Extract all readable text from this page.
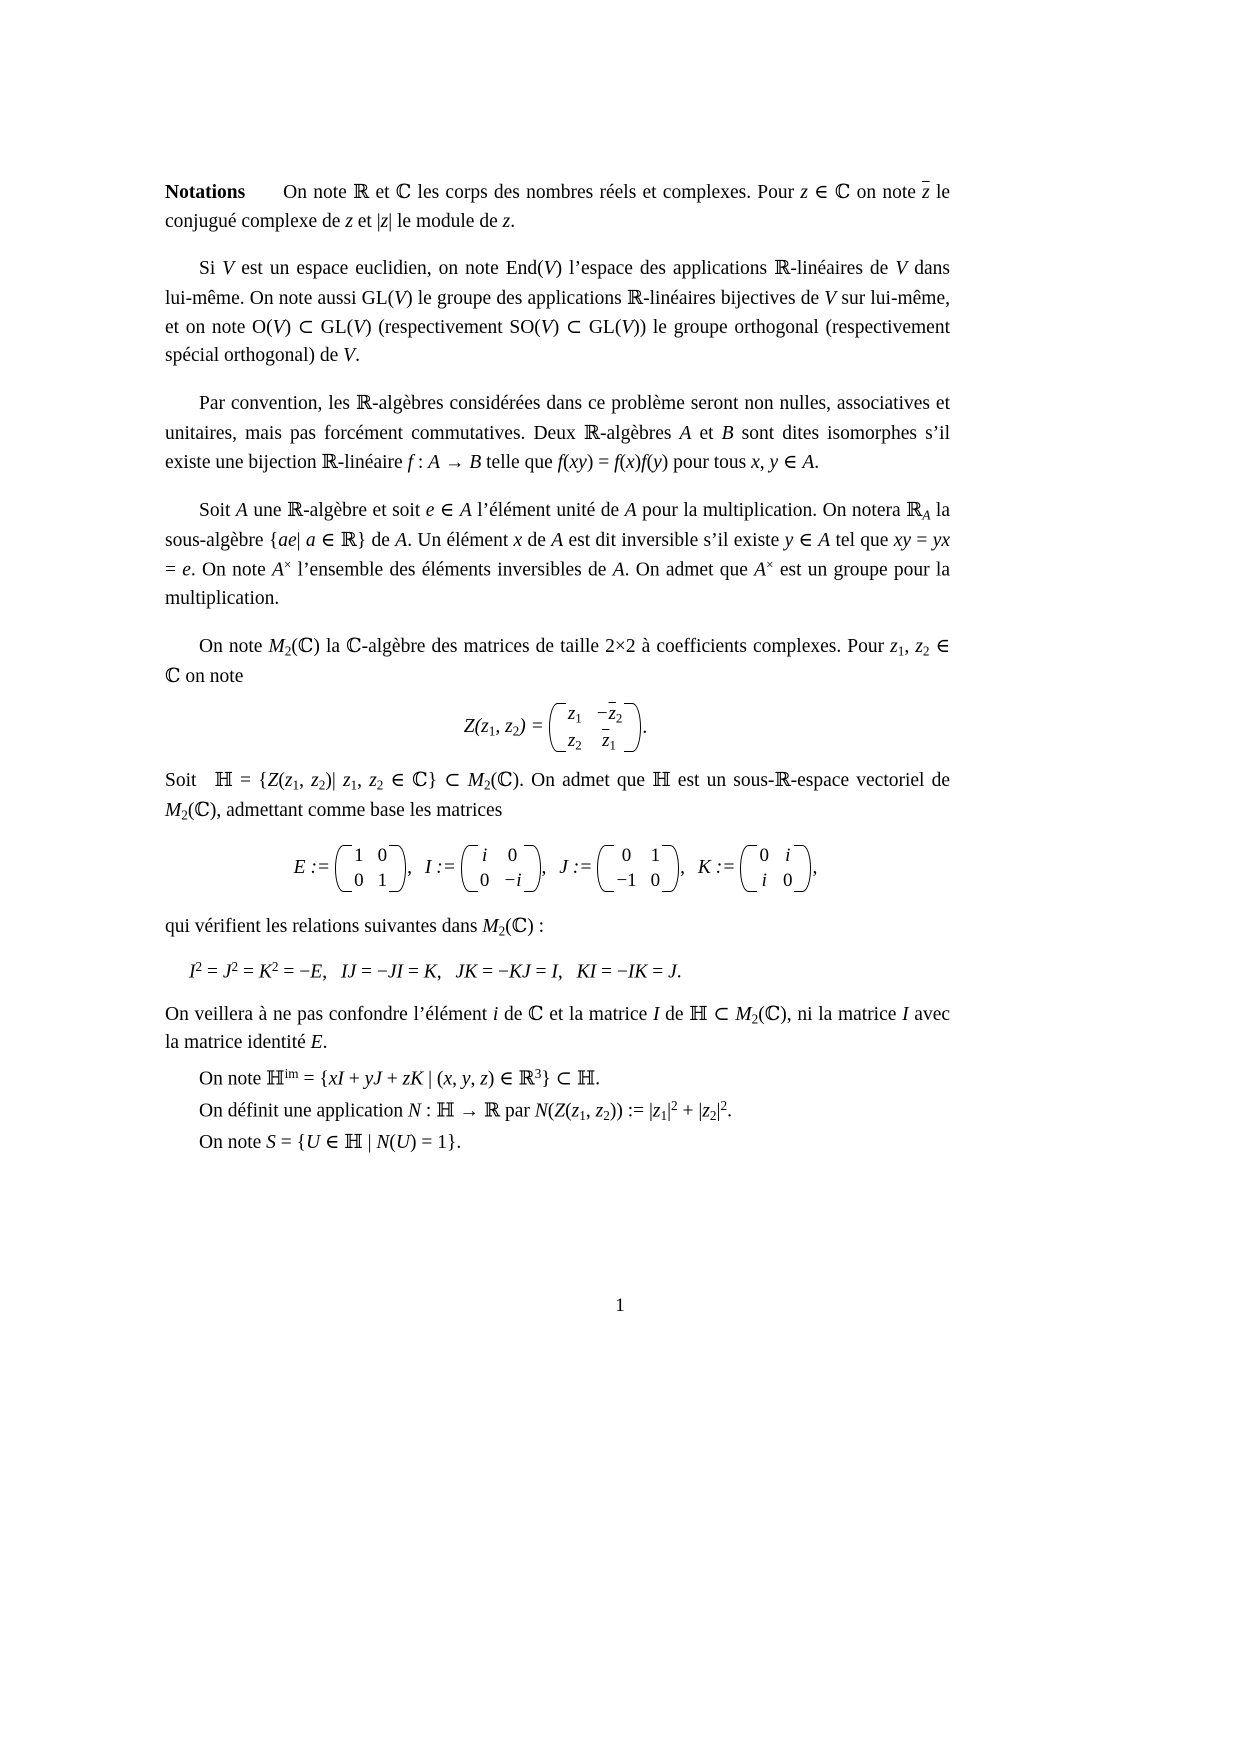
Notations On note ℝ et ℂ les corps des nombres réels et complexes. Pour z ∈ ℂ on note $\overline{z}$ le conjugué complexe de z et |z| le module de z.

Si V est un espace euclidien, on note End(V) l’espace des applications ℝ-linéaires de V dans lui-même. On note aussi GL(V) le groupe des applications ℝ-linéaires bijectives de V sur lui-même, et on note O(V) ⊂ GL(V) (respectivement SO(V) ⊂ GL(V)) le groupe orthogonal (respectivement spécial orthogonal) de V.

Par convention, les ℝ-algèbres considérées dans ce problème seront non nulles, associatives et unitaires, mais pas forcément commutatives. Deux ℝ-algèbres A et B sont dites isomorphes s’il existe une bijection ℝ-linéaire f : A → B telle que f(xy) = f(x)f(y) pour tous x, y ∈ A.

Soit A une ℝ-algèbre et soit e ∈ A l’élément unité de A pour la multiplication. On notera ℝ$_A$ la sous-algèbre {ae| a ∈ ℝ} de A. Un élément x de A est dit inversible s’il existe y ∈ A tel que xy = yx = e. On note A× l’ensemble des éléments inversibles de A. On admet que A× est un groupe pour la multiplication.

On note $M_2(ℂ)$ la ℂ-algèbre des matrices de taille 2×2 à coefficients complexes. Pour $z_1$, $z_2$ ∈ ℂ on note

$Z(z_1$, $z_2$) =
$z_1$	$-\overline{z}_2$
$z_2$	$\overline{z}_1$
.

Soit ℍ = {$Z(z_1$, $z_2)|$ $z_1$, $z_2$ ∈ ℂ} ⊂ $M_2(ℂ)$. On admet que ℍ est un sous-ℝ-espace vectoriel de $M_2(ℂ)$, admettant comme base les matrices

E :=
1	0
0	1
,
I :=
i	0
0	−i
,
J :=
0	1
−1	0
,
K :=
0	i
i	0
,

qui vérifient les relations suivantes dans $M_2(ℂ)$ :

$I^2 = J^2 = K^2 = -E$, IJ = −JI = K, JK = −KJ = I, KI = −IK = J.

On veillera à ne pas confondre l’élément i de ℂ et la matrice I de ℍ ⊂ $M_2(ℂ)$, ni la matrice I avec la matrice identité E.

On note ℍ$^{im}$ = {xI + yJ + zK | (x, y, z) ∈ ℝ$^3$} ⊂ ℍ.

On définit une application N : ℍ → ℝ par $N(Z(z_1$, $z_2$)) := $|z_1|^2 + |z_2|^2$.

On note S = {U ∈ ℍ | N(U) = 1}.

1
